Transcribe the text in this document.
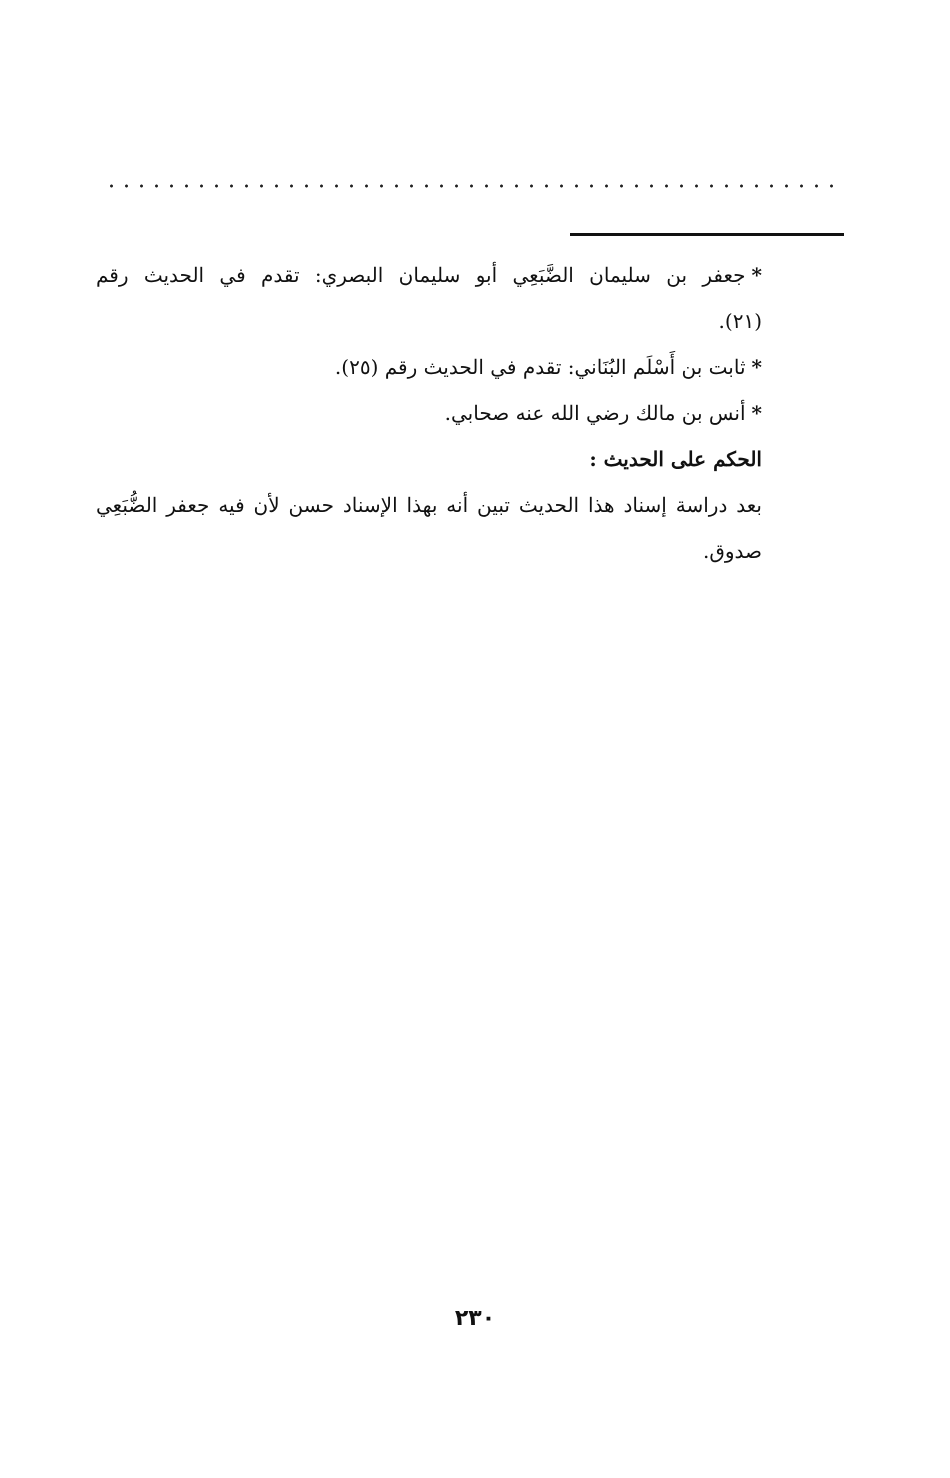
*جعفر بن سليمان الضَّبَعِي أبو سليمان البصري: تقدم في الحديث رقم
(٢١).
*ثابت بن أَسْلَم البُنَاني: تقدم في الحديث رقم (٢٥).
*أنس بن مالك رضي الله عنه صحابي.
الحكم على الحديث :
بعد دراسة إسناد هذا الحديث تبين أنه بهذا الإسناد حسن لأن فيه جعفر الضُّبَعِي
صدوق.
٢٣٠
